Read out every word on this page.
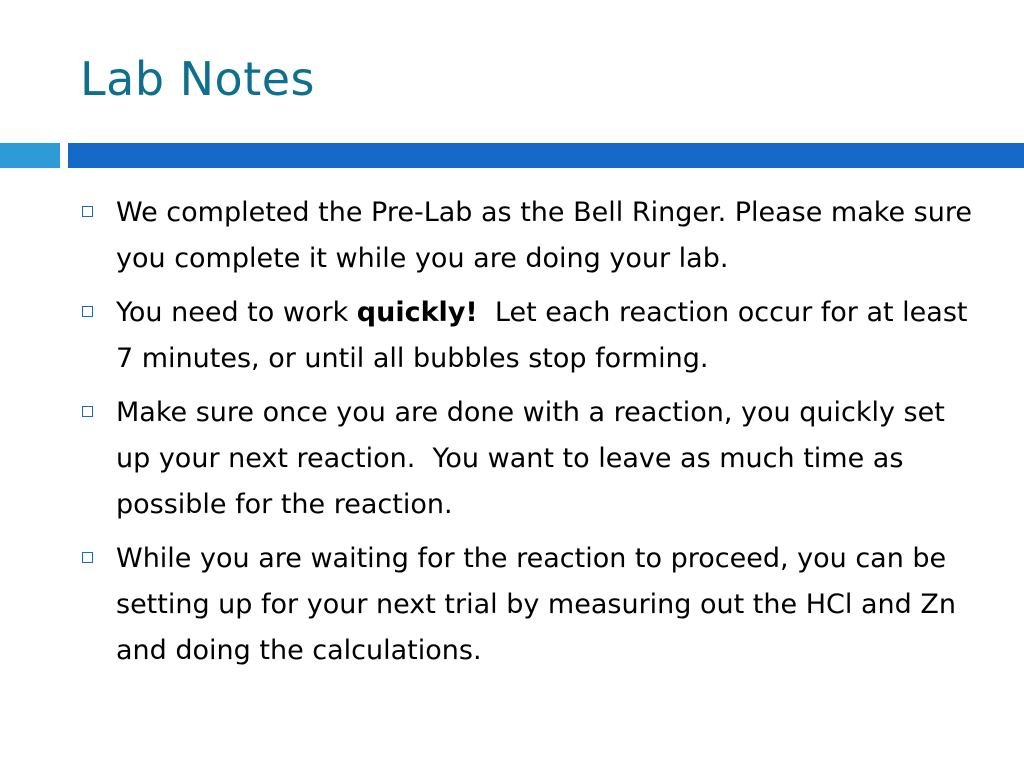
Lab Notes
We completed the Pre-Lab as the Bell Ringer. Please make sure you complete it while you are doing your lab.
You need to work quickly!  Let each reaction occur for at least 7 minutes, or until all bubbles stop forming.
Make sure once you are done with a reaction, you quickly set up your next reaction.  You want to leave as much time as possible for the reaction.
While you are waiting for the reaction to proceed, you can be setting up for your next trial by measuring out the HCl and Zn and doing the calculations.
